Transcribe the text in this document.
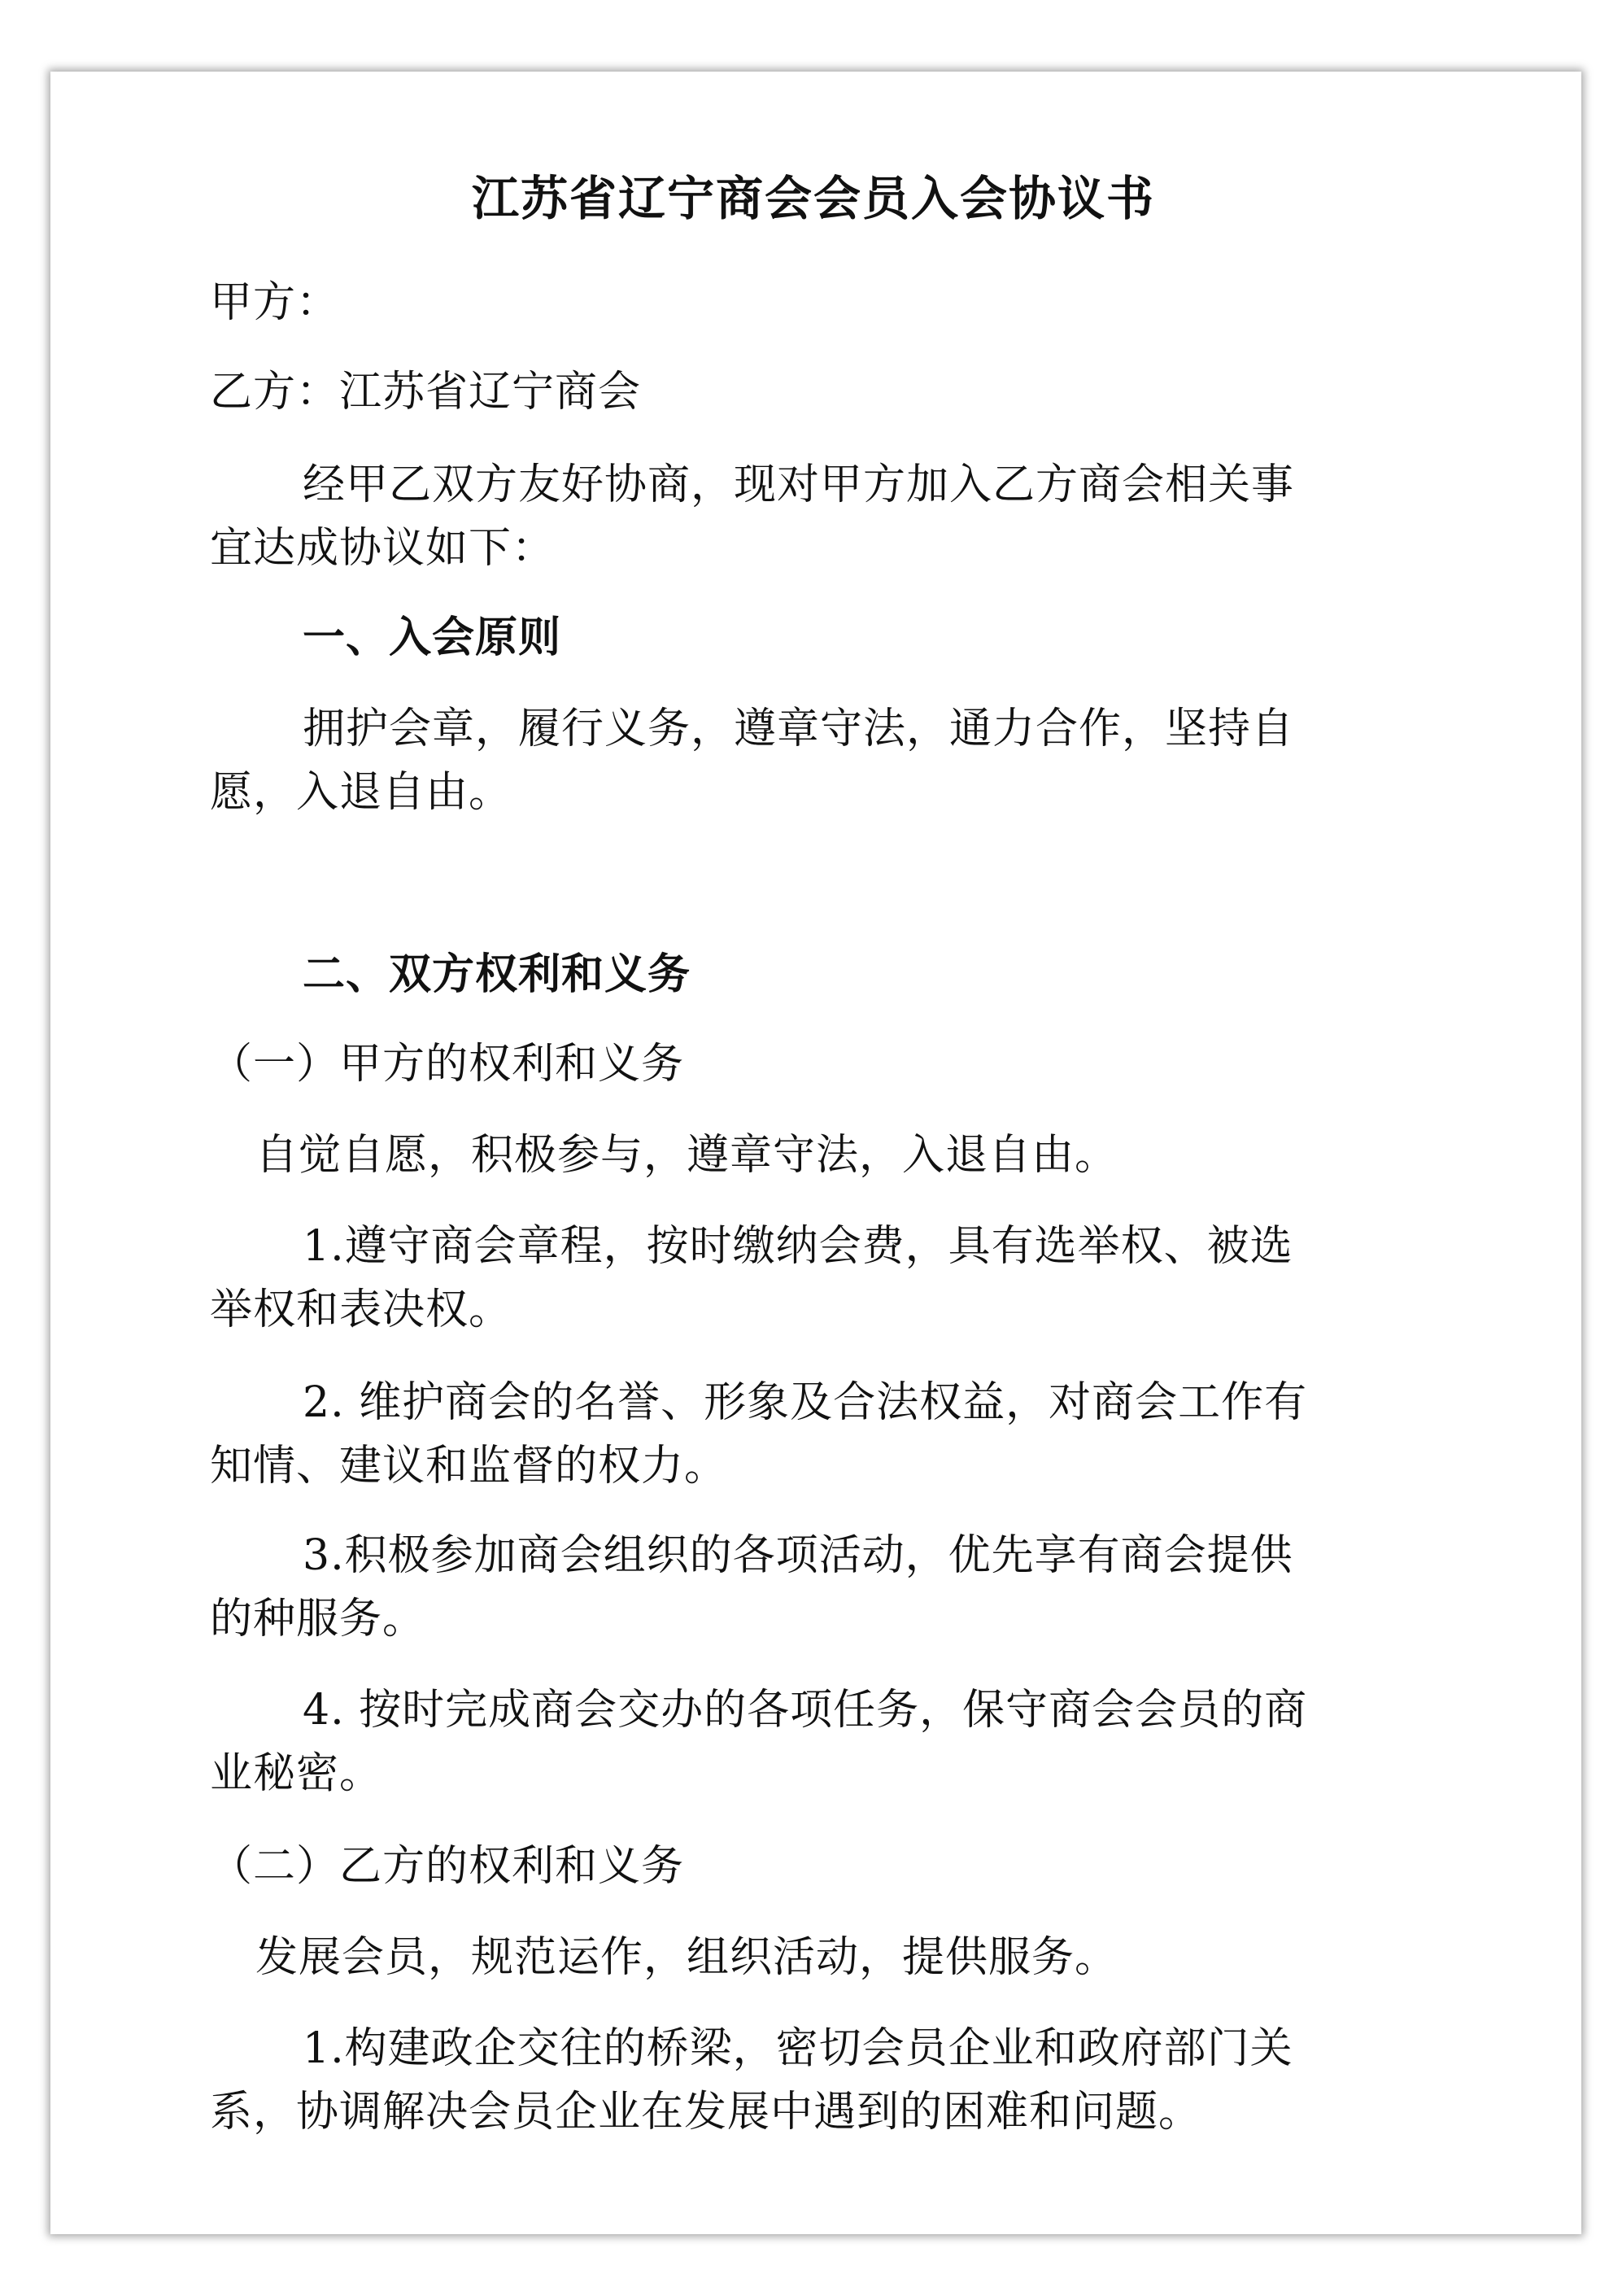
江苏省辽宁商会会员入会协议书
甲方：
乙方：江苏省辽宁商会
经甲乙双方友好协商，现对甲方加入乙方商会相关事
宜达成协议如下：
一、入会原则
拥护会章，履行义务，遵章守法，通力合作，坚持自
愿，入退自由。
二、双方权利和义务
（一）甲方的权利和义务
自觉自愿，积极参与，遵章守法，入退自由。
1.遵守商会章程，按时缴纳会费，具有选举权、被选
举权和表决权。
2. 维护商会的名誉、形象及合法权益，对商会工作有
知情、建议和监督的权力。
3.积极参加商会组织的各项活动，优先享有商会提供
的种服务。
4. 按时完成商会交办的各项任务，保守商会会员的商
业秘密。
（二）乙方的权利和义务
发展会员，规范运作，组织活动，提供服务。
1.构建政企交往的桥梁，密切会员企业和政府部门关
系，协调解决会员企业在发展中遇到的困难和问题。
